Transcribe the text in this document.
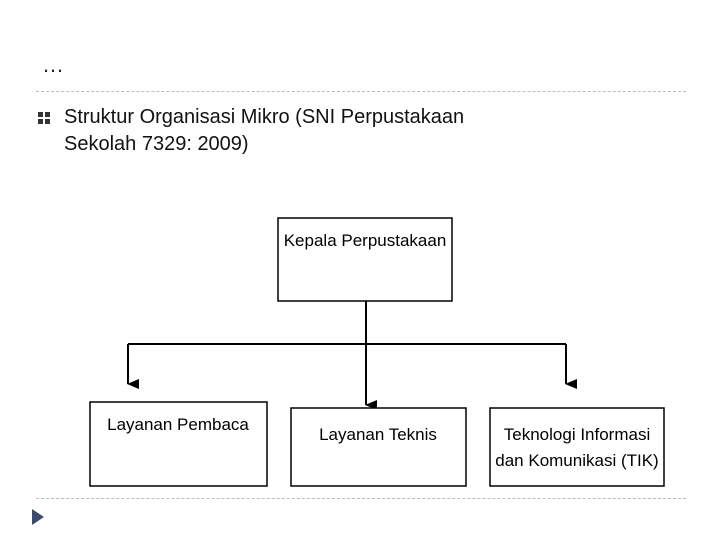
…
Struktur Organisasi Mikro (SNI Perpustakaan
Sekolah 7329: 2009)
Kepala Perpustakaan
Layanan Pembaca
Layanan Teknis	Teknologi Informasi
dan Komunikasi (TIK)
